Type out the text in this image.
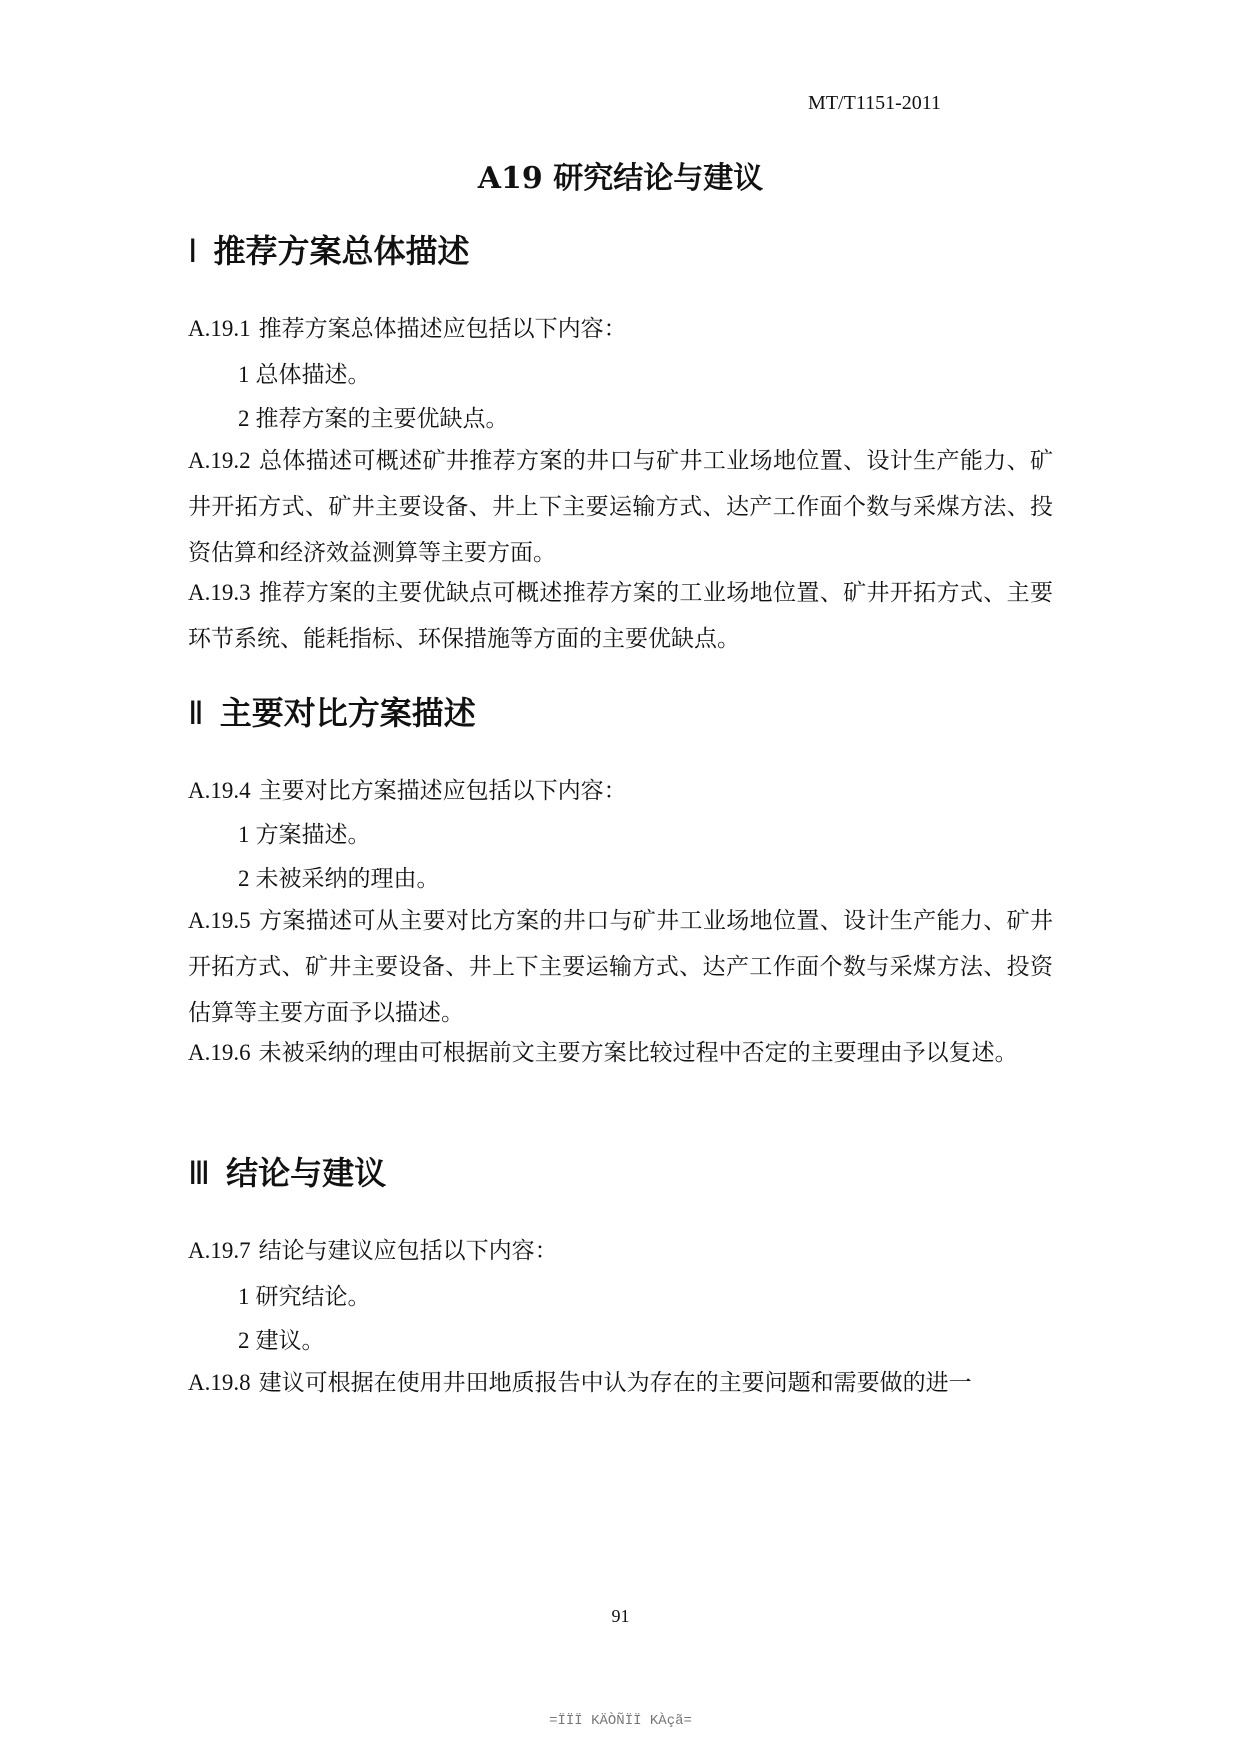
MT/T1151-2011
A19 研究结论与建议
Ⅰ 推荐方案总体描述
A.19.1 推荐方案总体描述应包括以下内容：
1 总体描述。
2 推荐方案的主要优缺点。
A.19.2 总体描述可概述矿井推荐方案的井口与矿井工业场地位置、设计生产能力、矿井开拓方式、矿井主要设备、井上下主要运输方式、达产工作面个数与采煤方法、投资估算和经济效益测算等主要方面。
A.19.3 推荐方案的主要优缺点可概述推荐方案的工业场地位置、矿井开拓方式、主要环节系统、能耗指标、环保措施等方面的主要优缺点。
Ⅱ 主要对比方案描述
A.19.4 主要对比方案描述应包括以下内容：
1 方案描述。
2 未被采纳的理由。
A.19.5 方案描述可从主要对比方案的井口与矿井工业场地位置、设计生产能力、矿井开拓方式、矿井主要设备、井上下主要运输方式、达产工作面个数与采煤方法、投资估算等主要方面予以描述。
A.19.6 未被采纳的理由可根据前文主要方案比较过程中否定的主要理由予以复述。
Ⅲ 结论与建议
A.19.7 结论与建议应包括以下内容：
1 研究结论。
2 建议。
A.19.8 建议可根据在使用井田地质报告中认为存在的主要问题和需要做的进一
91
=ÏÏÏ KÄÒÑÏÏ KÀçã=
